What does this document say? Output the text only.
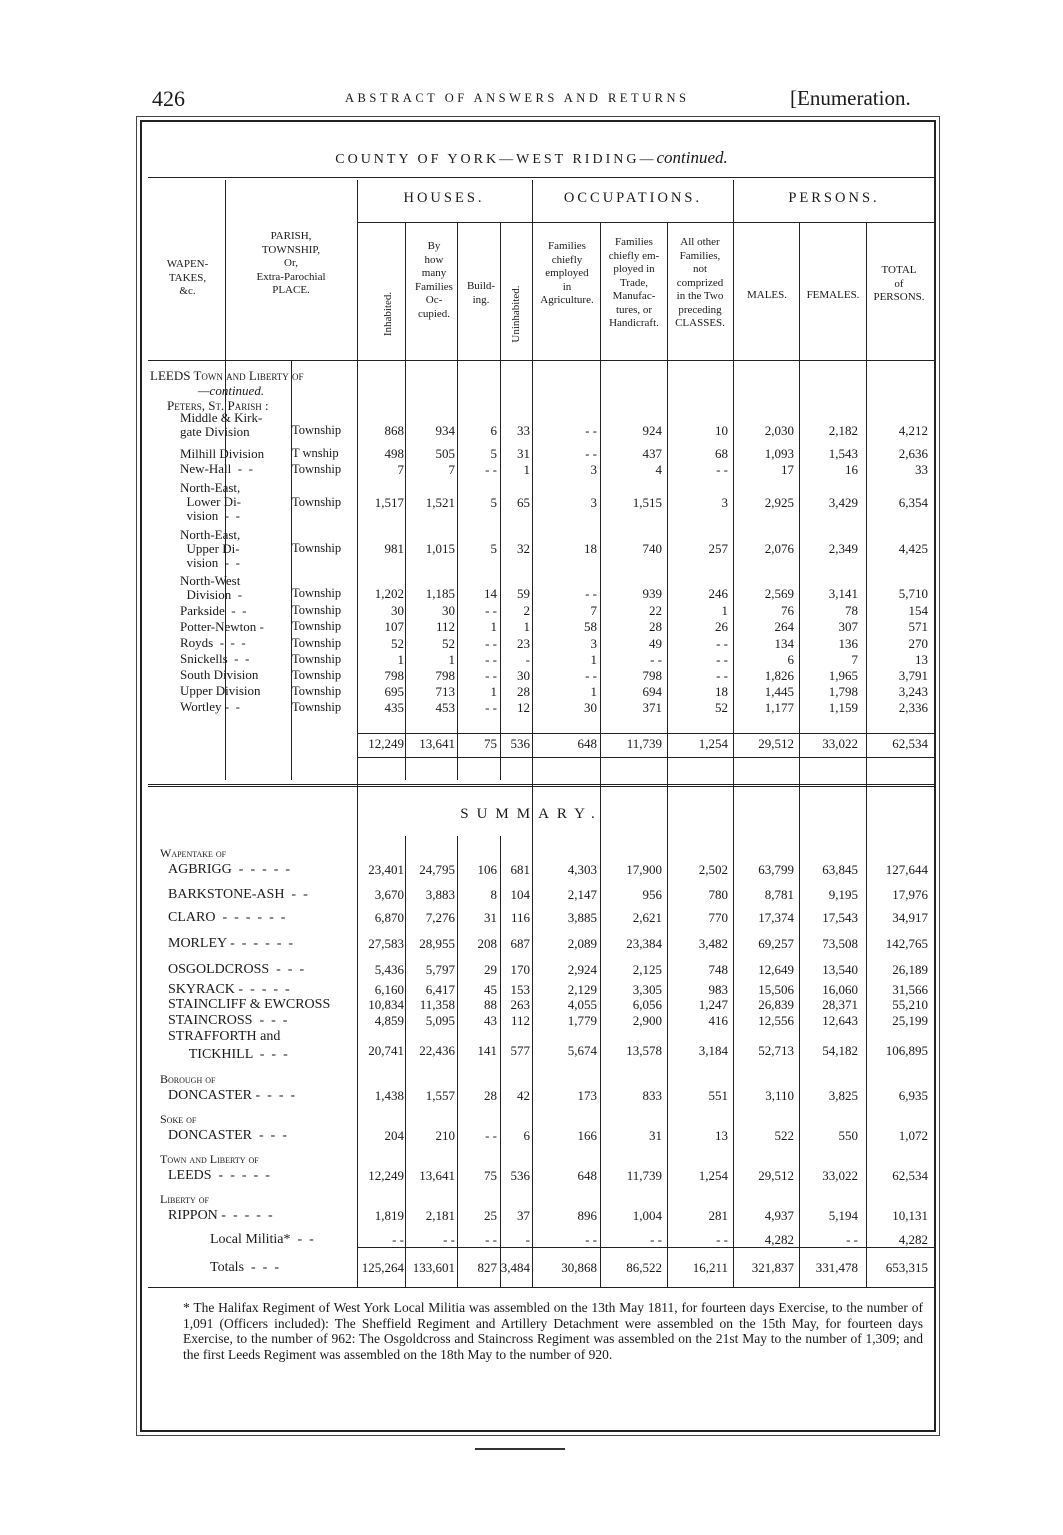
426	ABSTRACT OF ANSWERS AND RETURNS	[Enumeration.
COUNTY OF YORK—WEST RIDING—continued.
HOUSES.	OCCUPATIONS.	PERSONS.
WAPEN-
TAKES,
&c.
PARISH,
TOWNSHIP,
Or,
Extra-Parochial
PLACE.
Inhabited.
By
how
many
Families
Oc-
cupied.
Build-
ing.	Uninhabited.
Families
chiefly
employed
in
Agriculture.
Families
chiefly em-
ployed in
Trade,
Manufac-
tures, or
Handicraft.
All other
Families,
not
comprized
in the Two
preceding
CLASSES.
MALES.	FEMALES.
TOTAL
of
PERSONS.
LEEDS Town and Liberty of
—continued.
Peters, St. Parish :
SUMMARY.
* The Halifax Regiment of West York Local Militia was assembled on the 13th May 1811, for fourteen days Exercise, to the number of 1,091 (Officers included): The Sheffield Regiment and Artillery Detachment were assembled on the 15th May, for fourteen days Exercise, to the number of 962: The Osgoldcross and Staincross Regiment was assembled on the 21st May to the number of 1,309; and the first Leeds Regiment was assembled on the 18th May to the number of 920.
Middle & Kirk-
gate Division	Township	868	934	6	33	- -	924	10	2,030	2,182	4,212
Milhill Division T wnship	498	505	5	31	- -	437	68	1,093	1,543	2,636
New-Hall  -  -	Township	7	7	- -	1	3	4	- -	17	16	33
North-East,
Lower Di-
vision  -  -
Township	1,517	1,521	5	65	3	1,515	3	2,925	3,429	6,354
North-East,
Upper Di-
vision  -  -
Township	981	1,015	5	32	18	740	257	2,076	2,349	4,425
North-West
Division  -	Township	1,202	1,185	14	59	- -	939	246	2,569	3,141	5,710
Parkside  -  -	Township	30	30	- -	2	7	22	1	76	78	154
Potter-Newton - Township	107	112	1	1	58	28	26	264	307	571
Royds  -  -  -	Township	52	52	- -	23	3	49	- -	134	136	270
Snickells  -  -	Township	1	1	- -	-	1	- -	- -	6	7	13
South Division	Township	798	798	- -	30	- -	798	- -	1,826	1,965	3,791
Upper Division	Township	695	713	1	28	1	694	18	1,445	1,798	3,243
Wortley -  -	Township	435	453	- -	12	30	371	52	1,177	1,159	2,336
12,249	13,641	75	536	648	11,739	1,254	29,512	33,022	62,534
Wapentake of
AGBRIGG  -  -  -  -  -	23,401	24,795	106	681	4,303	17,900	2,502	63,799	63,845	127,644
BARKSTONE-ASH  -  -	3,670	3,883	8	104	2,147	956	780	8,781	9,195	17,976
CLARO  -  -  -  -  -  -	6,870	7,276	31	116	3,885	2,621	770	17,374	17,543	34,917
MORLEY -  -  -  -  -  -	27,583	28,955	208	687	2,089	23,384	3,482	69,257	73,508	142,765
OSGOLDCROSS  -  -  -	5,436	5,797	29	170	2,924	2,125	748	12,649	13,540	26,189
SKYRACK -  -  -  -  -	6,160	6,417	45	153	2,129	3,305	983	15,506	16,060	31,566
STAINCLIFF & EWCROSS	10,834	11,358	88	263	4,055	6,056	1,247	26,839	28,371	55,210
STAINCROSS  -  -  -	4,859	5,095	43	112	1,779	2,900	416	12,556	12,643	25,199
STRAFFORTH and
TICKHILL  -  -  -	20,741	22,436	141	577	5,674	13,578	3,184	52,713	54,182	106,895
Borough of
DONCASTER -  -  -  -	1,438	1,557	28	42	173	833	551	3,110	3,825	6,935
Soke of
DONCASTER  -  -  -	204	210	- -	6	166	31	13	522	550	1,072
Town and Liberty of
LEEDS  -  -  -  -  -	12,249	13,641	75	536	648	11,739	1,254	29,512	33,022	62,534
Liberty of
RIPPON -  -  -  -  -	1,819	2,181	25	37	896	1,004	281	4,937	5,194	10,131
Local Militia*  -  -	- -	- -	- -	-	- -	- -	- -	4,282	- -	4,282
Totals  -  -  -	125,264 133,601	827 3,484	30,868	86,522	16,211	321,837	331,478	653,315
